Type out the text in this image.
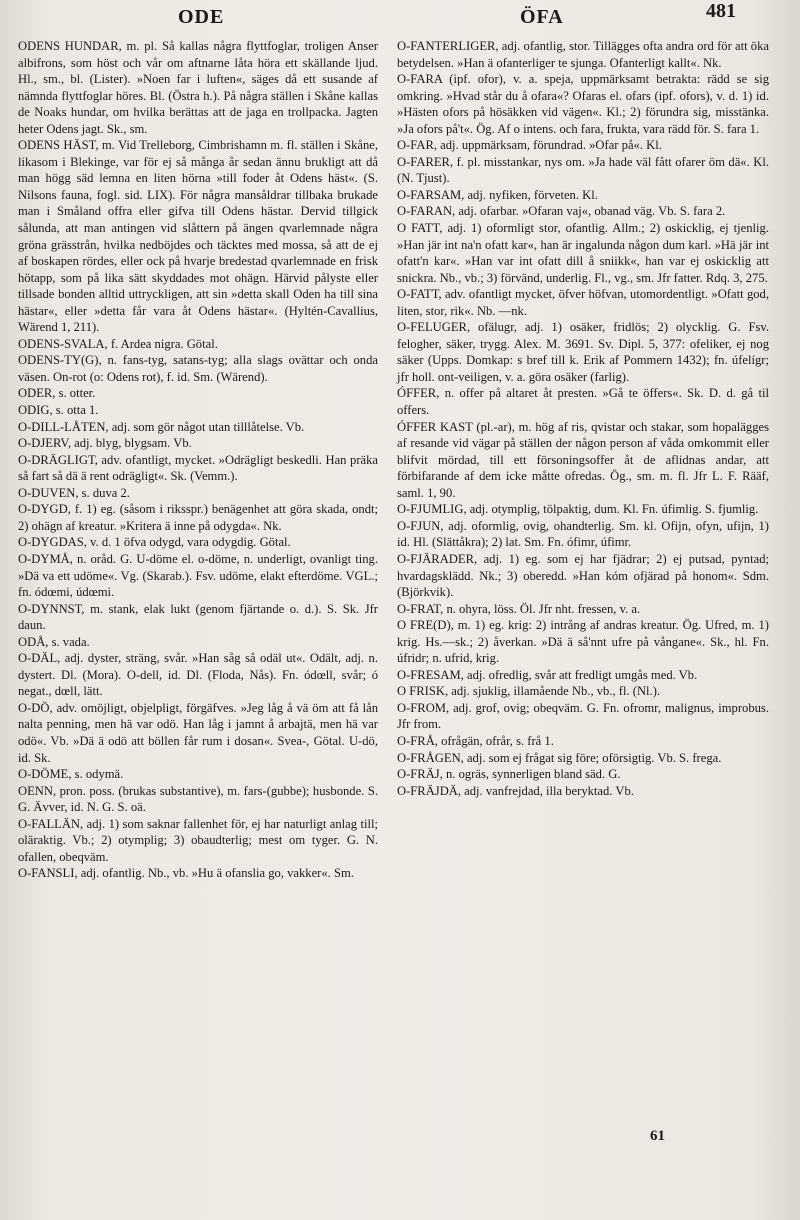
ODE	ÖFA	481

ODENS HUNDAR, m. pl. Så kallas några flyttfoglar, troligen Anser albifrons, som höst och vår om aftnarne låta höra ett skällande ljud. Hl., sm., bl. (Lister). »Noen far i luften«, säges då ett susande af nämnda flyttfoglar höres. Bl. (Östra h.). På några ställen i Skåne kallas de Noaks hundar, om hvilka berättas att de jaga en trollpacka. Jagten heter Odens jagt. Sk., sm.

ODENS HÄST, m. Vid Trelleborg, Cimbrishamn m. fl. ställen i Skåne, likasom i Blekinge, var för ej så många år sedan ännu brukligt att då man högg säd lemna en liten hörna »till foder åt Odens häst«. (S. Nilsons fauna, fogl. sid. LIX). För några mansåldrar tillbaka brukade man i Småland offra eller gifva till Odens hästar. Dervid tillgick sålunda, att man antingen vid slåttern på ängen qvarlemnade några gröna grässtrån, hvilka nedböjdes och täcktes med mossa, så att de ej af boskapen rördes, eller ock på hvarje bredestad qvarlemnade en frisk hötapp, som på lika sätt skyddades mot ohägn. Härvid pålyste eller tillsade bonden alltid uttryckligen, att sin »detta skall Oden ha till sina hästar«, eller »detta får vara åt Odens hästar«. (Hyltén-Cavallius, Wärend 1, 211).

ODENS-SVALA, f. Ardea nigra. Götal.

ODENS-TY(G), n. fans-tyg, satans-tyg; alla slags ovättar och onda väsen. On-rot (o: Odens rot), f. id. Sm. (Wärend).

ODER, s. otter.

ODIG, s. otta 1.

O-DILL-LÅTEN, adj. som gör något utan tilllåtelse. Vb.

O-DJERV, adj. blyg, blygsam. Vb.

O-DRÄGLIGT, adv. ofantligt, mycket. »Odrägligt beskedli. Han präka så fart så dä ä rent odrägligt«. Sk. (Vemm.).

O-DUVEN, s. duva 2.

O-DYGD, f. 1) eg. (såsom i riksspr.) benägenhet att göra skada, ondt; 2) ohägn af kreatur. »Kritera ä inne på odygda«. Nk.

O-DYGDAS, v. d. 1 öfva odygd, vara odygdig. Götal.

O-DYMÅ, n. oråd. G. U-döme el. o-döme, n. underligt, ovanligt ting. »Dä va ett udöme«. Vg. (Skarab.). Fsv. udöme, elakt efterdöme. VGL.; fn. ódœmi, údœmi.

O-DYNNST, m. stank, elak lukt (genom fjärtande o. d.). S. Sk. Jfr daun.

ODÅ, s. vada.

O-DÄL, adj. dyster, sträng, svår. »Han såg så odäl ut«. Odält, adj. n. dystert. Dl. (Mora). O-dell, id. Dl. (Floda, Nås). Fn. ódœll, svår; ó negat., dœll, lätt.

O-DÖ, adv. omöjligt, objelpligt, förgäfves. »Jeg låg å vä öm att få lån nalta penning, men hä var odö. Han låg i jamnt å arbajtä, men hä var odö«. Vb. »Dä ä odö att böllen får rum i dosan«. Svea-, Götal. U-dö, id. Sk.

O-DÖME, s. odymä.

OENN, pron. poss. (brukas substantive), m. fars-(gubbe); husbonde. S. G. Ävver, id. N. G. S. oä.

O-FALLÄN, adj. 1) som saknar fallenhet för, ej har naturligt anlag till; oläraktig. Vb.; 2) otymplig; 3) obaudterlig; mest om tyger. G. N. ofallen, obeqväm.

O-FANSLI, adj. ofantlig. Nb., vb. »Hu ä ofanslia go, vakker«. Sm.

O-FANTERLIGER, adj. ofantlig, stor. Tillägges ofta andra ord för att öka betydelsen. »Han ä ofanterliger te sjunga. Ofanterligt kallt«. Nk.

O-FARA (ipf. ofor), v. a. speja, uppmärksamt betrakta: rädd se sig omkring. »Hvad står du å ofara«? Ofaras el. ofars (ipf. ofors), v. d. 1) id. »Hästen ofors på hösäkken vid vägen«. Kl.; 2) förundra sig, misstänka. »Ja ofors på't«. Ög. Af o intens. och fara, frukta, vara rädd för. S. fara 1.

O-FAR, adj. uppmärksam, förundrad. »Ofar på«. Kl.

O-FARER, f. pl. misstankar, nys om. »Ja hade väl fått ofarer öm dä«. Kl. (N. Tjust).

O-FARSAM, adj. nyfiken, förveten. Kl.

O-FARAN, adj. ofarbar. »Ofaran vaj«, obanad väg. Vb. S. fara 2.

O FATT, adj. 1) oformligt stor, ofantlig. Allm.; 2) oskicklig, ej tjenlig. »Han jär int na'n ofatt kar«, han är ingalunda någon dum karl. »Hä jär int ofatt'n kar«. »Han var int ofatt dill å sniikk«, han var ej oskicklig att snickra. Nb., vb.; 3) förvänd, underlig. Fl., vg., sm. Jfr fatter. Rdq. 3, 275.

O-FATT, adv. ofantligt mycket, öfver höfvan, utomordentligt. »Ofatt god, liten, stor, rik«. Nb. —nk.

O-FELUGER, ofälugr, adj. 1) osäker, fridlös; 2) olycklig. G. Fsv. felogher, säker, trygg. Alex. M. 3691. Sv. Dipl. 5, 377: ofeliker, ej nog säker (Upps. Domkap: s bref till k. Erik af Pommern 1432); fn. úfelígr; jfr holl. ont-veiligen, v. a. göra osäker (farlig).

ÓFFER, n. offer på altaret åt presten. »Gå te öffers«. Sk. D. d. gå til offers.

ÓFFER KAST (pl.-ar), m. hög af ris, qvistar och stakar, som hopalägges af resande vid vägar på ställen der någon person af våda omkommit eller blifvit mördad, till ett försoningsoffer åt de aflidnas andar, att förbifarande af dem icke måtte ofredas. Ög., sm. m. fl. Jfr L. F. Rääf, saml. 1, 90.

O-FJUMLIG, adj. otymplig, tölpaktig, dum. Kl. Fn. úfimlig. S. fjumlig.

O-FJUN, adj. oformlig, ovig, ohandterlig. Sm. kl. Ofijn, ofyn, ufijn, 1) id. Hl. (Slättåkra); 2) lat. Sm. Fn. ófimr, úfimr.

O-FJÄRADER, adj. 1) eg. som ej har fjädrar; 2) ej putsad, pyntad; hvardagsklädd. Nk.; 3) oberedd. »Han kóm ofjärad på honom«. Sdm. (Björkvik).

O-FRAT, n. ohyra, löss. Öl. Jfr nht. fressen, v. a.

O FRE(D), m. 1) eg. krig: 2) intrång af andras kreatur. Ög. Ufred, m. 1) krig. Hs.—sk.; 2) åverkan. »Dä ä så'nnt ufre på vångane«. Sk., hl. Fn. úfridr; n. ufrid, krig.

O-FRESAM, adj. ofredlig, svår att fredligt umgås med. Vb.

O FRISK, adj. sjuklig, illamående Nb., vb., fl. (Nl.).

O-FROM, adj. grof, ovig; obeqväm. G. Fn. ofromr, malignus, improbus. Jfr from.

O-FRÅ, ofrågän, ofrår, s. frå 1.

O-FRÅGEN, adj. som ej frågat sig före; oförsigtig. Vb. S. frega.

O-FRÄJ, n. ogräs, synnerligen bland säd. G.

O-FRÄJDÄ, adj. vanfrejdad, illa beryktad. Vb.

61
